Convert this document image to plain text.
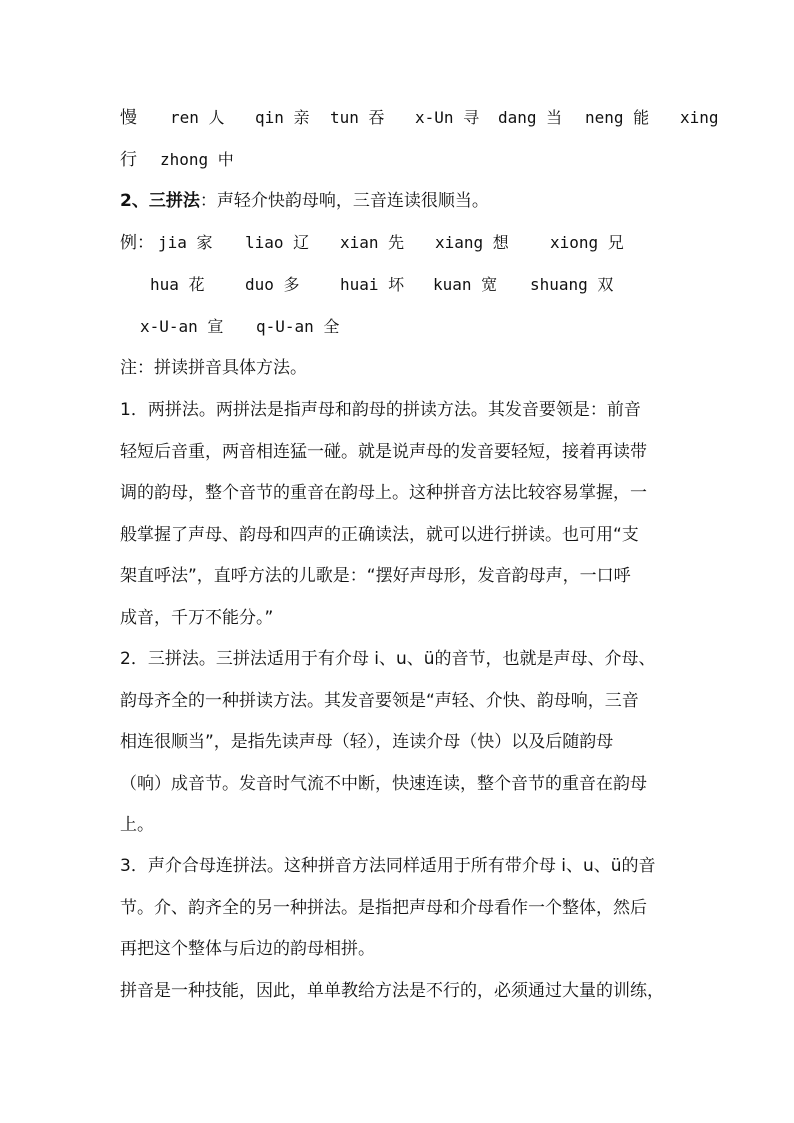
慢 ren 人 qin 亲 tun 吞 x-Un 寻 dang 当 neng 能 xing
行 zhong 中
2、三拼法：声轻介快韵母响，三音连读很顺当。
例： jia 家 liao 辽 xian 先 xiang 想	xiong 兄
hua 花	duo 多	huai 坏 kuan 宽 shuang 双
x-U-an 宣 q-U-an 全
注：拼读拼音具体方法。
1．两拼法。两拼法是指声母和韵母的拼读方法。其发音要领是：前音
轻短后音重，两音相连猛一碰。就是说声母的发音要轻短，接着再读带
调的韵母，整个音节的重音在韵母上。这种拼音方法比较容易掌握，一
般掌握了声母、韵母和四声的正确读法，就可以进行拼读。也可用“支
架直呼法”，直呼方法的儿歌是：“摆好声母形，发音韵母声，一口呼
成音，千万不能分。”
2．三拼法。三拼法适用于有介母 i、u、ü的音节，也就是声母、介母、
韵母齐全的一种拼读方法。其发音要领是“声轻、介快、韵母响，三音
相连很顺当”，是指先读声母（轻），连读介母（快）以及后随韵母
（响）成音节。发音时气流不中断，快速连读，整个音节的重音在韵母
上。
3．声介合母连拼法。这种拼音方法同样适用于所有带介母 i、u、ü的音
节。介、韵齐全的另一种拼法。是指把声母和介母看作一个整体，然后
再把这个整体与后边的韵母相拼。
拼音是一种技能，因此，单单教给方法是不行的，必须通过大量的训练，
